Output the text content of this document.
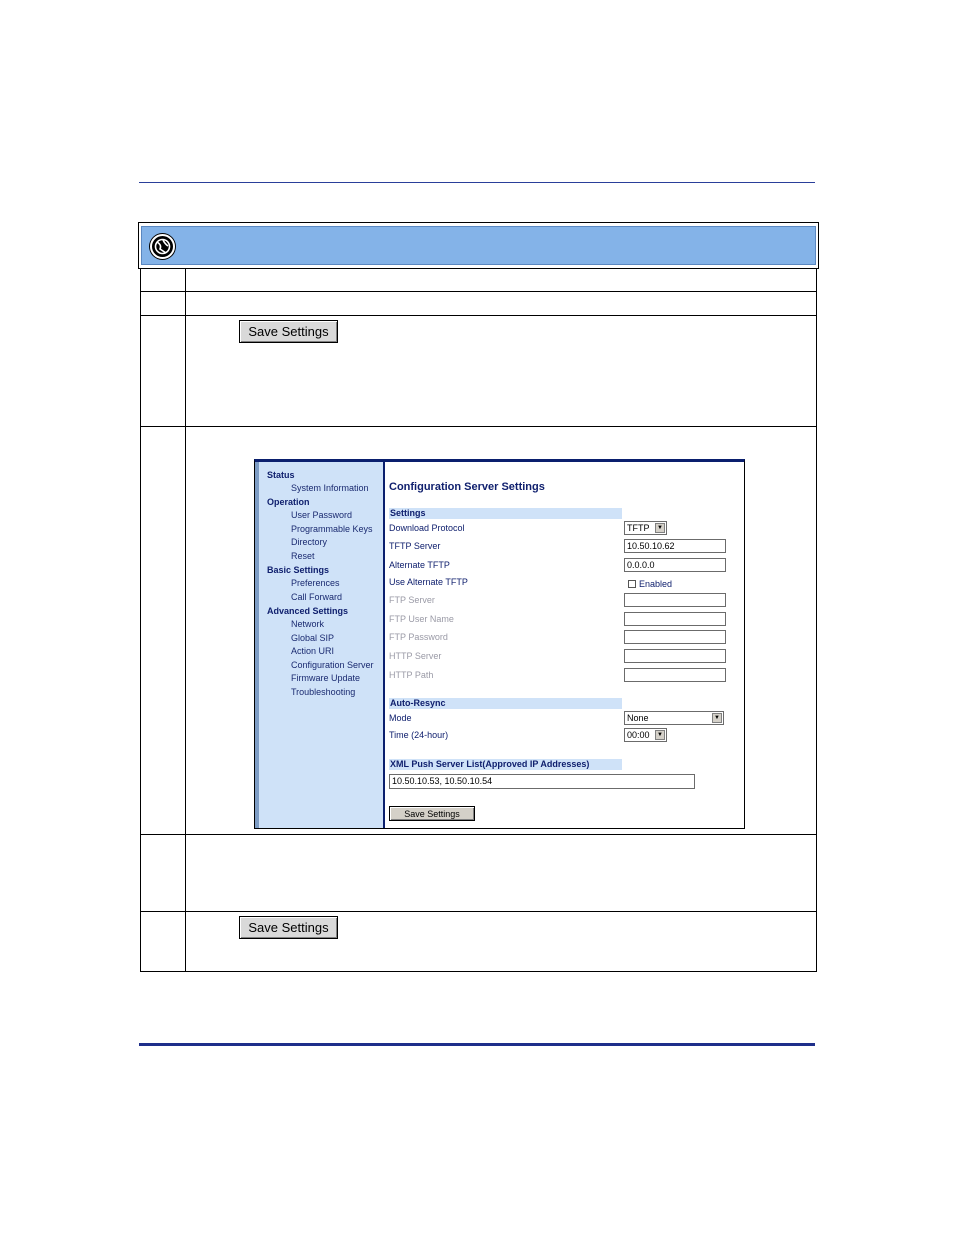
Save Settings
Save Settings
Status
System Information
Operation
User Password
Programmable Keys
Directory
Reset
Basic Settings
Preferences
Call Forward
Advanced Settings
Network
Global SIP
Action URI
Configuration Server
Firmware Update
Troubleshooting
Configuration Server Settings
Settings
Download Protocol	TFTP	▼
TFTP Server	10.50.10.62
Alternate TFTP	0.0.0.0
Use Alternate TFTP	Enabled
FTP Server
FTP User Name
FTP Password
HTTP Server
HTTP Path
Auto-Resync
Mode	None	▼
Time (24-hour)	00:00	▼
XML Push Server List(Approved IP Addresses)
10.50.10.53, 10.50.10.54
Save Settings
